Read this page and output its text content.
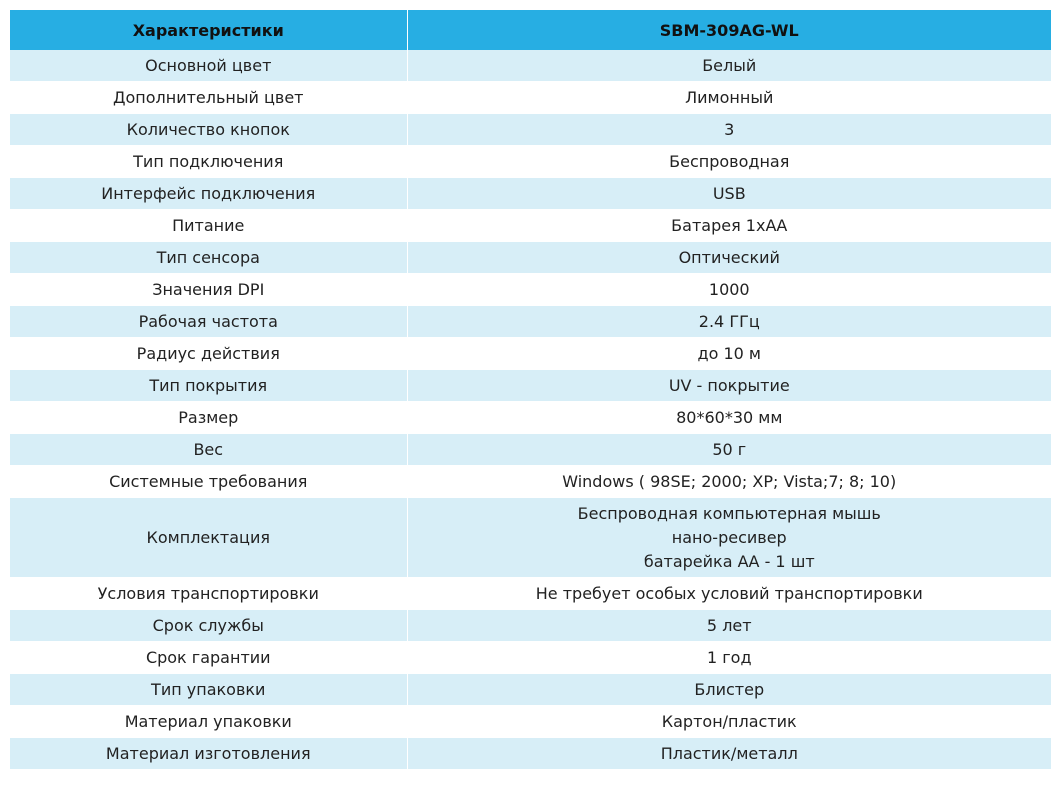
Характеристики	SBM-309AG-WL
Основной цвет	Белый

Дополнительный цвет	Лимонный

Количество кнопок	3

Тип подключения	Беспроводная

Интерфейс подключения	USB

Питание	Батарея 1хАА

Тип сенсора	Оптический

Значения DPI	1000

Рабочая частота	2.4 ГГц

Радиус действия	до 10 м

Тип покрытия	UV - покрытие

Размер	80*60*30 мм

Вес	50 г

Системные требования	Windows ( 98SE; 2000; XP; Vista;7; 8; 10)

Комплектация	Беспроводная компьютерная мышь
нано-ресивер
батарейка АА - 1 шт

Условия транспортировки	Не требует особых условий транспортировки

Срок службы	5 лет

Срок гарантии	1 год

Тип упаковки	Блистер

Материал упаковки	Картон/пластик

Материал изготовления	Пластик/металл
